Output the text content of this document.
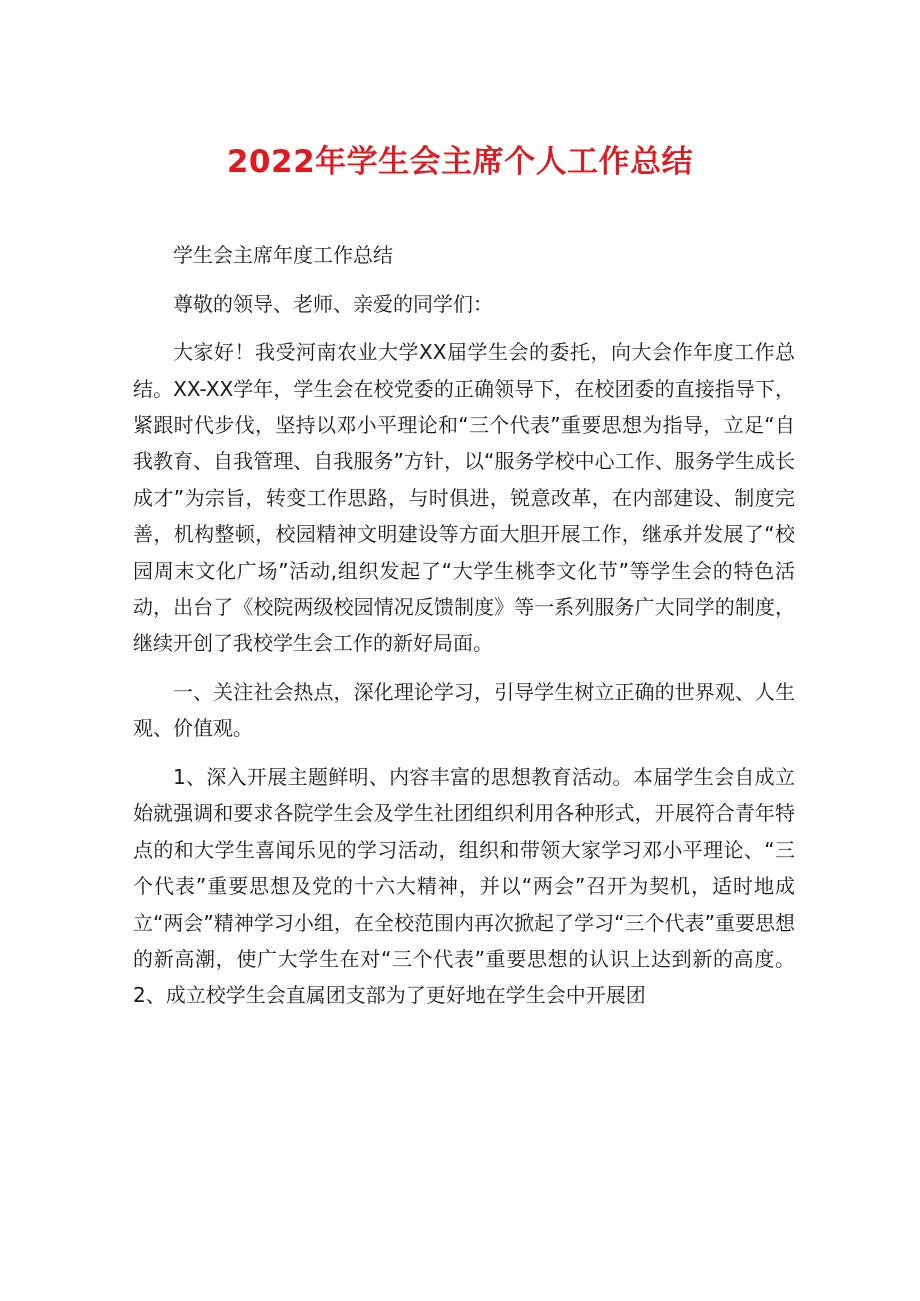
2022年学生会主席个人工作总结

学生会主席年度工作总结

尊敬的领导、老师、亲爱的同学们：

大家好！我受河南农业大学XX届学生会的委托，向大会作年度工作总结。XX-XX学年，学生会在校党委的正确领导下，在校团委的直接指导下，紧跟时代步伐，坚持以邓小平理论和“三个代表”重要思想为指导，立足“自我教育、自我管理、自我服务”方针，以“服务学校中心工作、服务学生成长成才”为宗旨，转变工作思路，与时俱进，锐意改革，在内部建设、制度完善，机构整顿，校园精神文明建设等方面大胆开展工作，继承并发展了“校园周末文化广场”活动,组织发起了“大学生桃李文化节”等学生会的特色活动，出台了《校院两级校园情况反馈制度》等一系列服务广大同学的制度，继续开创了我校学生会工作的新好局面。

一、关注社会热点，深化理论学习，引导学生树立正确的世界观、人生观、价值观。

1、深入开展主题鲜明、内容丰富的思想教育活动。本届学生会自成立始就强调和要求各院学生会及学生社团组织利用各种形式，开展符合青年特点的和大学生喜闻乐见的学习活动，组织和带领大家学习邓小平理论、“三个代表”重要思想及党的十六大精神，并以“两会”召开为契机，适时地成立“两会”精神学习小组，在全校范围内再次掀起了学习“三个代表”重要思想的新高潮，使广大学生在对“三个代表”重要思想的认识上达到新的高度。2、成立校学生会直属团支部为了更好地在学生会中开展团
